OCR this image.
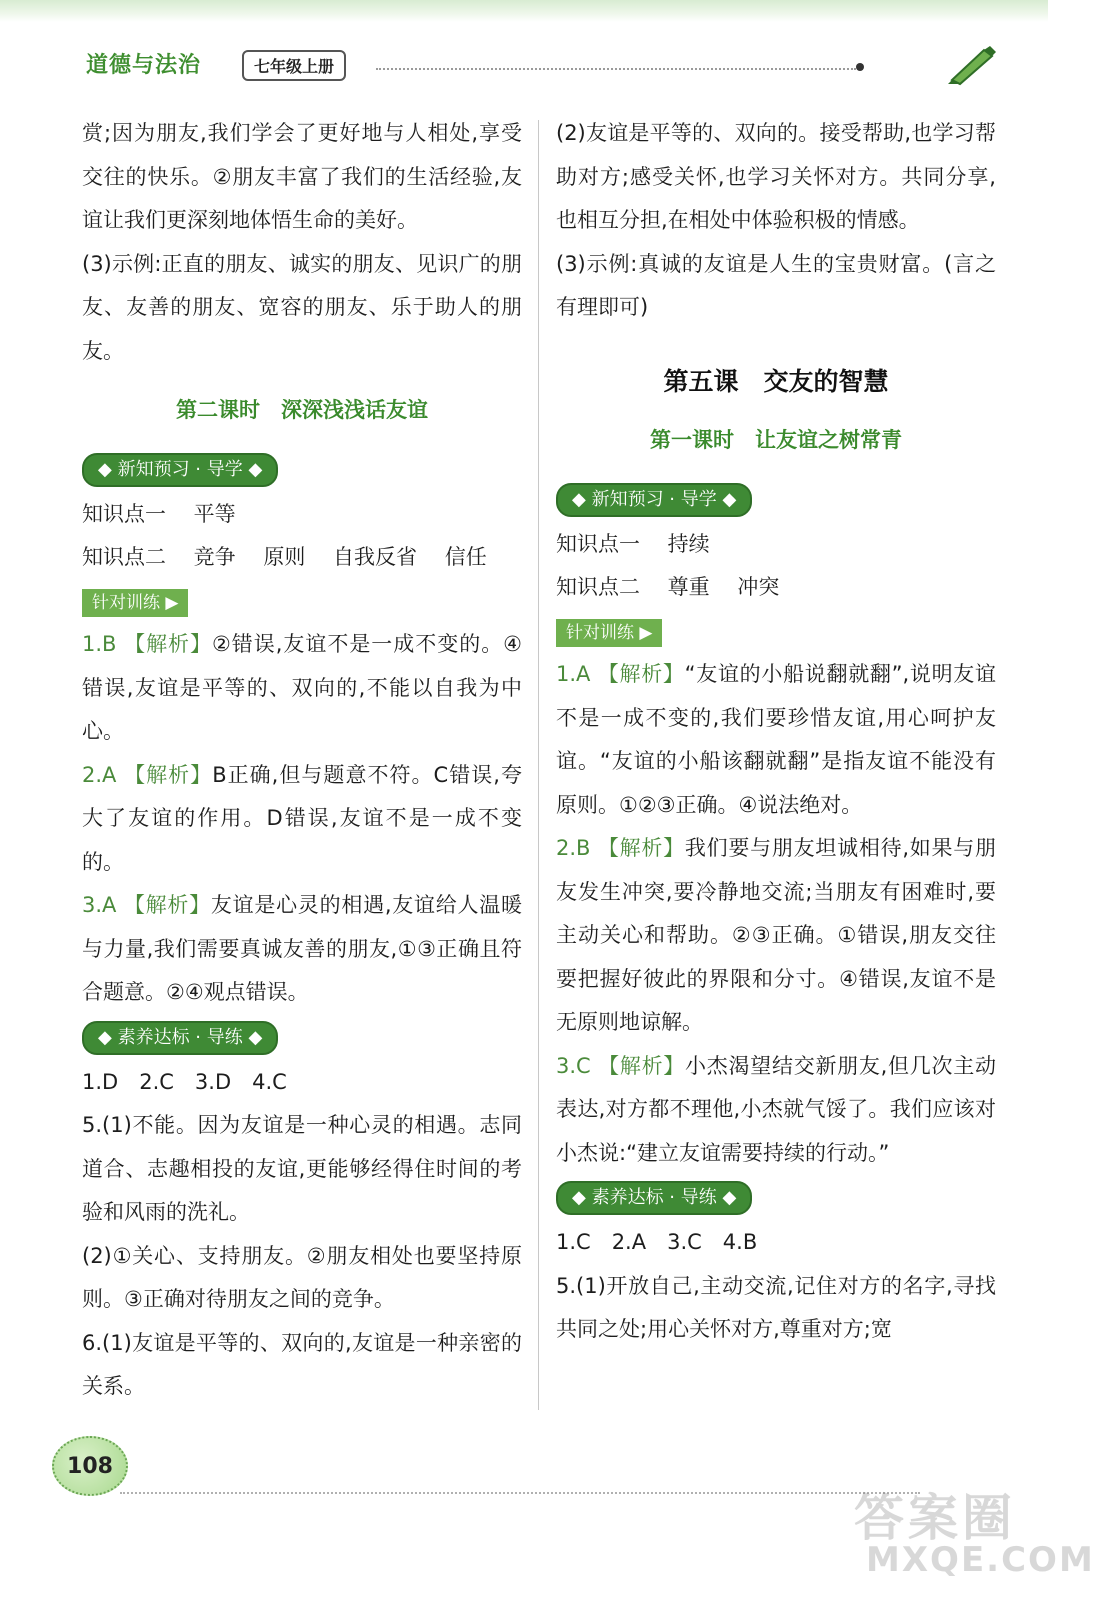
道德与法治	七年级上册

赏;因为朋友,我们学会了更好地与人相处,享受交往的快乐。②朋友丰富了我们的生活经验,友谊让我们更深刻地体悟生命的美好。

(3)示例:正直的朋友、诚实的朋友、见识广的朋友、友善的朋友、宽容的朋友、乐于助人的朋友。

第二课时　深深浅浅话友谊
◆ 新知预习 · 导学 ◆

知识点一　 平等

知识点二　 竞争　 原则　 自我反省　 信任

针对训练 ▶

1.B 【解析】②错误,友谊不是一成不变的。④错误,友谊是平等的、双向的,不能以自我为中心。

2.A 【解析】B正确,但与题意不符。C错误,夸大了友谊的作用。D错误,友谊不是一成不变的。

3.A 【解析】友谊是心灵的相遇,友谊给人温暖与力量,我们需要真诚友善的朋友,①③正确且符合题意。②④观点错误。

◆ 素养达标 · 导练 ◆

1.D　2.C　3.D　4.C

5.(1)不能。因为友谊是一种心灵的相遇。志同道合、志趣相投的友谊,更能够经得住时间的考验和风雨的洗礼。

(2)①关心、支持朋友。②朋友相处也要坚持原则。③正确对待朋友之间的竞争。

6.(1)友谊是平等的、双向的,友谊是一种亲密的关系。

(2)友谊是平等的、双向的。接受帮助,也学习帮助对方;感受关怀,也学习关怀对方。共同分享,也相互分担,在相处中体验积极的情感。

(3)示例:真诚的友谊是人生的宝贵财富。(言之有理即可)

第五课　交友的智慧
第一课时　让友谊之树常青
◆ 新知预习 · 导学 ◆

知识点一　 持续

知识点二　 尊重　 冲突

针对训练 ▶

1.A 【解析】“友谊的小船说翻就翻”,说明友谊不是一成不变的,我们要珍惜友谊,用心呵护友谊。“友谊的小船该翻就翻”是指友谊不能没有原则。①②③正确。④说法绝对。

2.B 【解析】我们要与朋友坦诚相待,如果与朋友发生冲突,要冷静地交流;当朋友有困难时,要主动关心和帮助。②③正确。①错误,朋友交往要把握好彼此的界限和分寸。④错误,友谊不是无原则地谅解。

3.C 【解析】小杰渴望结交新朋友,但几次主动表达,对方都不理他,小杰就气馁了。我们应该对小杰说:“建立友谊需要持续的行动。”

◆ 素养达标 · 导练 ◆

1.C　2.A　3.C　4.B

5.(1)开放自己,主动交流,记住对方的名字,寻找共同之处;用心关怀对方,尊重对方;宽

108
答案圈
MXQE.COM
